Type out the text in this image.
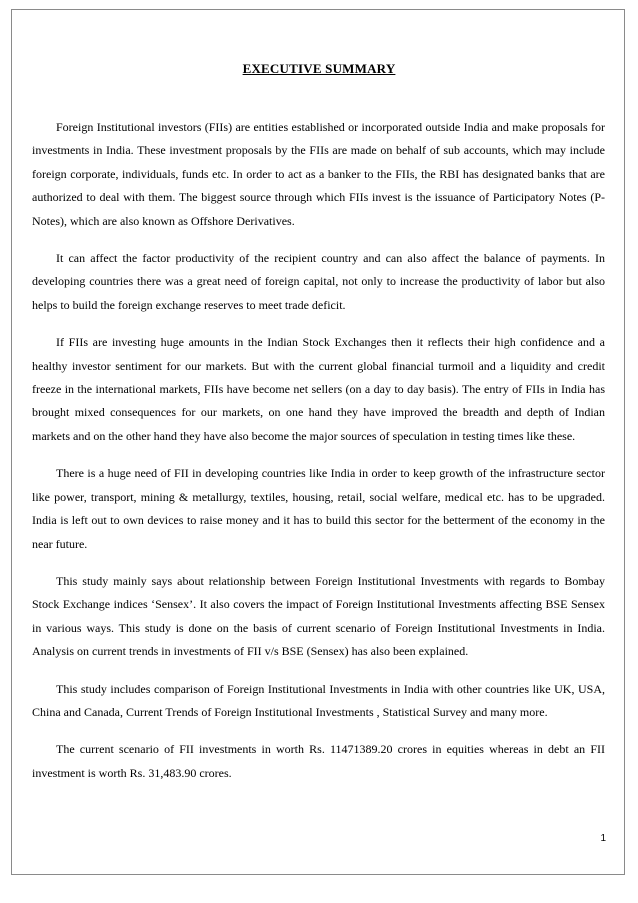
EXECUTIVE SUMMARY

Foreign Institutional investors (FIIs) are entities established or incorporated outside India and make proposals for investments in India. These investment proposals by the FIIs are made on behalf of sub accounts, which may include foreign corporate, individuals, funds etc. In order to act as a banker to the FIIs, the RBI has designated banks that are authorized to deal with them. The biggest source through which FIIs invest is the issuance of Participatory Notes (P-Notes), which are also known as Offshore Derivatives.

It can affect the factor productivity of the recipient country and can also affect the balance of payments. In developing countries there was a great need of foreign capital, not only to increase the productivity of labor but also helps to build the foreign exchange reserves to meet trade deficit.

If FIIs are investing huge amounts in the Indian Stock Exchanges then it reflects their high confidence and a healthy investor sentiment for our markets. But with the current global financial turmoil and a liquidity and credit freeze in the international markets, FIIs have become net sellers (on a day to day basis). The entry of FIIs in India has brought mixed consequences for our markets, on one hand they have improved the breadth and depth of Indian markets and on the other hand they have also become the major sources of speculation in testing times like these.

There is a huge need of FII in developing countries like India in order to keep growth of the infrastructure sector like power, transport, mining & metallurgy, textiles, housing, retail, social welfare, medical etc. has to be upgraded. India is left out to own devices to raise money and it has to build this sector for the betterment of the economy in the near future.

This study mainly says about relationship between Foreign Institutional Investments with regards to Bombay Stock Exchange indices ‘Sensex’. It also covers the impact of Foreign Institutional Investments affecting BSE Sensex in various ways. This study is done on the basis of current scenario of Foreign Institutional Investments in India. Analysis on current trends in investments of FII v/s BSE (Sensex) has also been explained.

This study includes comparison of Foreign Institutional Investments in India with other countries like UK, USA, China and Canada, Current Trends of Foreign Institutional Investments , Statistical Survey and many more.

The current scenario of FII investments in worth Rs. 11471389.20 crores in equities whereas in debt an FII investment is worth Rs. 31,483.90 crores.

1
